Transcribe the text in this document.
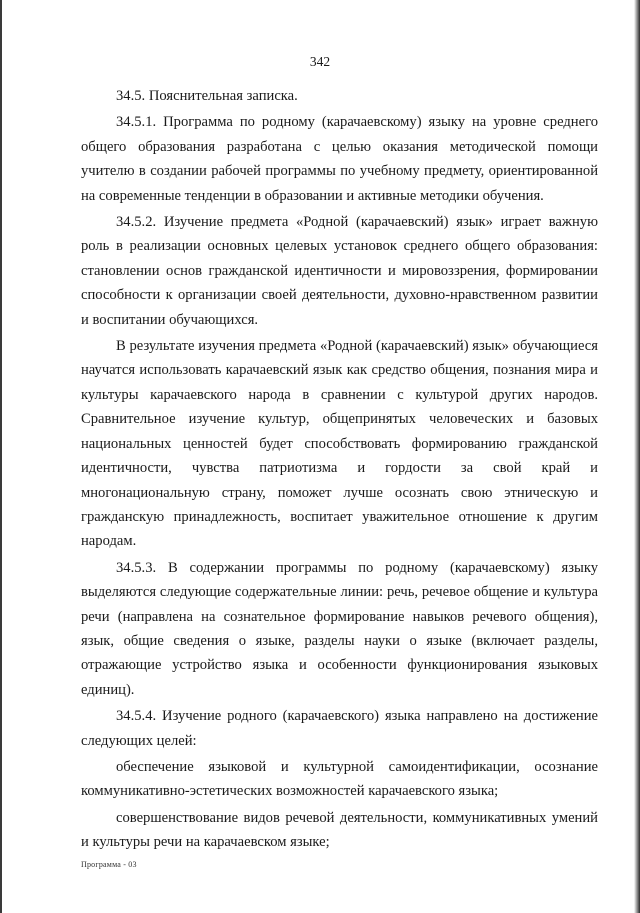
342

34.5. Пояснительная записка.

34.5.1. Программа по родному (карачаевскому) языку на уровне среднего общего образования разработана с целью оказания методической помощи учителю в создании рабочей программы по учебному предмету, ориентированной на современные тенденции в образовании и активные методики обучения.

34.5.2. Изучение предмета «Родной (карачаевский) язык» играет важную роль в реализации основных целевых установок среднего общего образования: становлении основ гражданской идентичности и мировоззрения, формировании способности к организации своей деятельности, духовно-нравственном развитии и воспитании обучающихся.

В результате изучения предмета «Родной (карачаевский) язык» обучающиеся научатся использовать карачаевский язык как средство общения, познания мира и культуры карачаевского народа в сравнении с культурой других народов. Сравнительное изучение культур, общепринятых человеческих и базовых национальных ценностей будет способствовать формированию гражданской идентичности, чувства патриотизма и гордости за свой край и многонациональную страну, поможет лучше осознать свою этническую и гражданскую принадлежность, воспитает уважительное отношение к другим народам.

34.5.3. В содержании программы по родному (карачаевскому) языку выделяются следующие содержательные линии: речь, речевое общение и культура речи (направлена на сознательное формирование навыков речевого общения), язык, общие сведения о языке, разделы науки о языке (включает разделы, отражающие устройство языка и особенности функционирования языковых единиц).

34.5.4. Изучение родного (карачаевского) языка направлено на достижение следующих целей:

обеспечение языковой и культурной самоидентификации, осознание коммуникативно-эстетических возможностей карачаевского языка;

совершенствование видов речевой деятельности, коммуникативных умений и культуры речи на карачаевском языке;

Программа - 03
